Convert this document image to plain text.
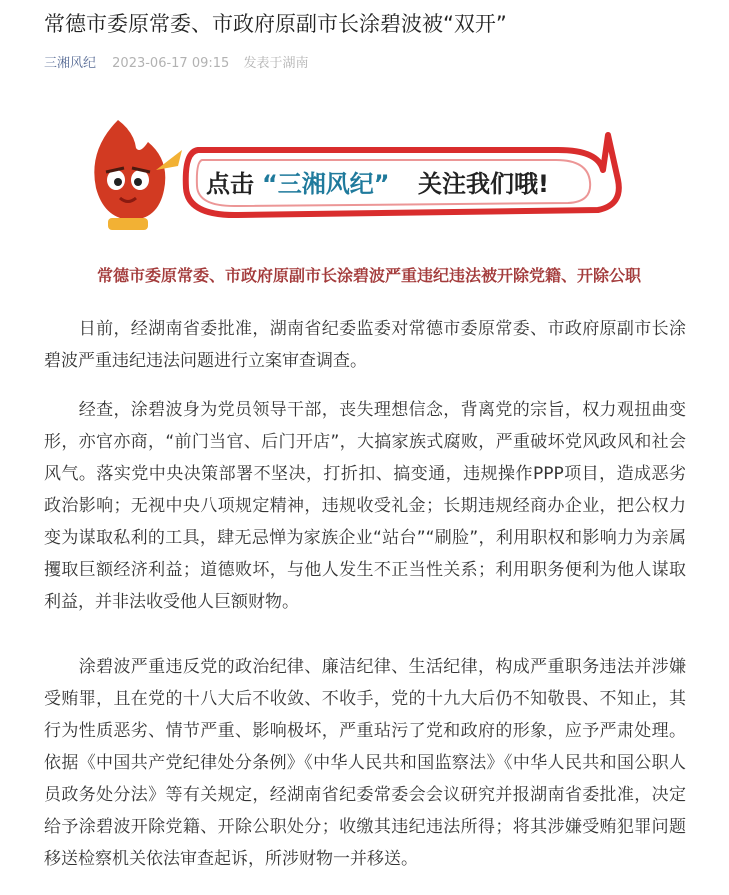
常德市委原常委、市政府原副市长涂碧波被“双开”
三湘风纪 2023-06-17 09:15 发表于湖南
点击 “三湘风纪” 关注我们哦!
常德市委原常委、市政府原副市长涂碧波严重违纪违法被开除党籍、开除公职

　　日前，经湖南省委批准，湖南省纪委监委对常德市委原常委、市政府原副市长涂碧波严重违纪违法问题进行立案审查调查。

　　经查，涂碧波身为党员领导干部，丧失理想信念，背离党的宗旨，权力观扭曲变形，亦官亦商，“前门当官、后门开店”，大搞家族式腐败，严重破坏党风政风和社会风气。落实党中央决策部署不坚决，打折扣、搞变通，违规操作PPP项目，造成恶劣政治影响；无视中央八项规定精神，违规收受礼金；长期违规经商办企业，把公权力变为谋取私利的工具，肆无忌惮为家族企业“站台”“刷脸”，利用职权和影响力为亲属攫取巨额经济利益；道德败坏，与他人发生不正当性关系；利用职务便利为他人谋取利益，并非法收受他人巨额财物。

　　涂碧波严重违反党的政治纪律、廉洁纪律、生活纪律，构成严重职务违法并涉嫌受贿罪，且在党的十八大后不收敛、不收手，党的十九大后仍不知敬畏、不知止，其行为性质恶劣、情节严重、影响极坏，严重玷污了党和政府的形象，应予严肃处理。依据《中国共产党纪律处分条例》《中华人民共和国监察法》《中华人民共和国公职人员政务处分法》等有关规定，经湖南省纪委常委会会议研究并报湖南省委批准，决定给予涂碧波开除党籍、开除公职处分；收缴其违纪违法所得；将其涉嫌受贿犯罪问题移送检察机关依法审查起诉，所涉财物一并移送。
